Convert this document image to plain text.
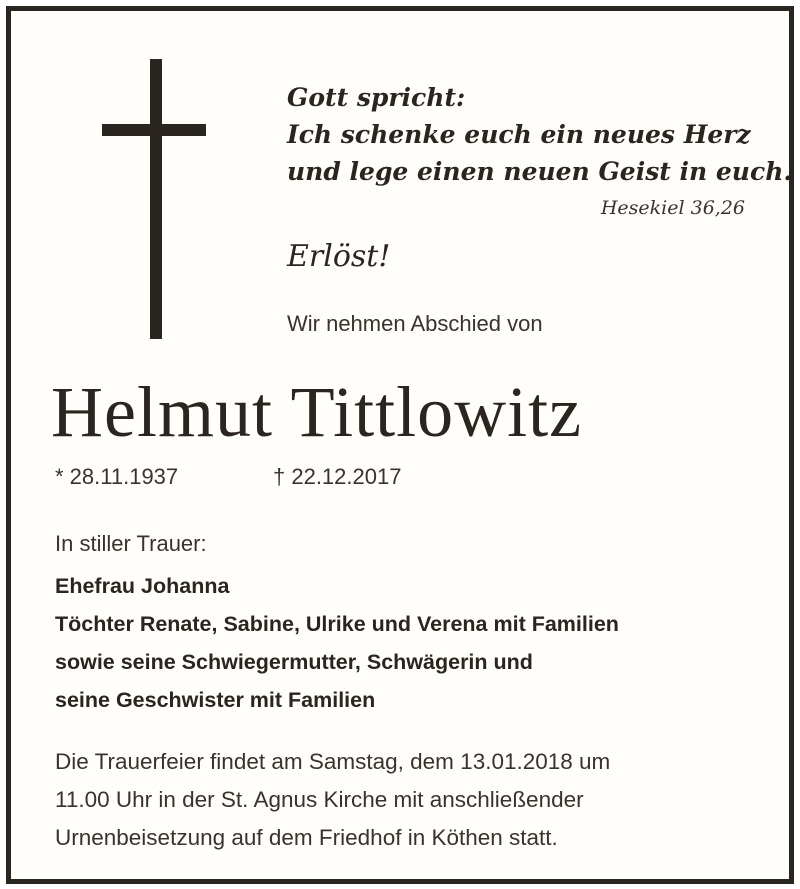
Gott spricht:
Ich schenke euch ein neues Herz
und lege einen neuen Geist in euch.
Hesekiel 36,26
Erlöst!
Wir nehmen Abschied von
Helmut Tittlowitz
* 28.11.1937	† 22.12.2017
In stiller Trauer:
Ehefrau Johanna
Töchter Renate, Sabine, Ulrike und Verena mit Familien
sowie seine Schwiegermutter, Schwägerin und
seine Geschwister mit Familien
Die Trauerfeier findet am Samstag, dem 13.01.2018 um
11.00 Uhr in der St. Agnus Kirche mit anschließender
Urnenbeisetzung auf dem Friedhof in Köthen statt.
